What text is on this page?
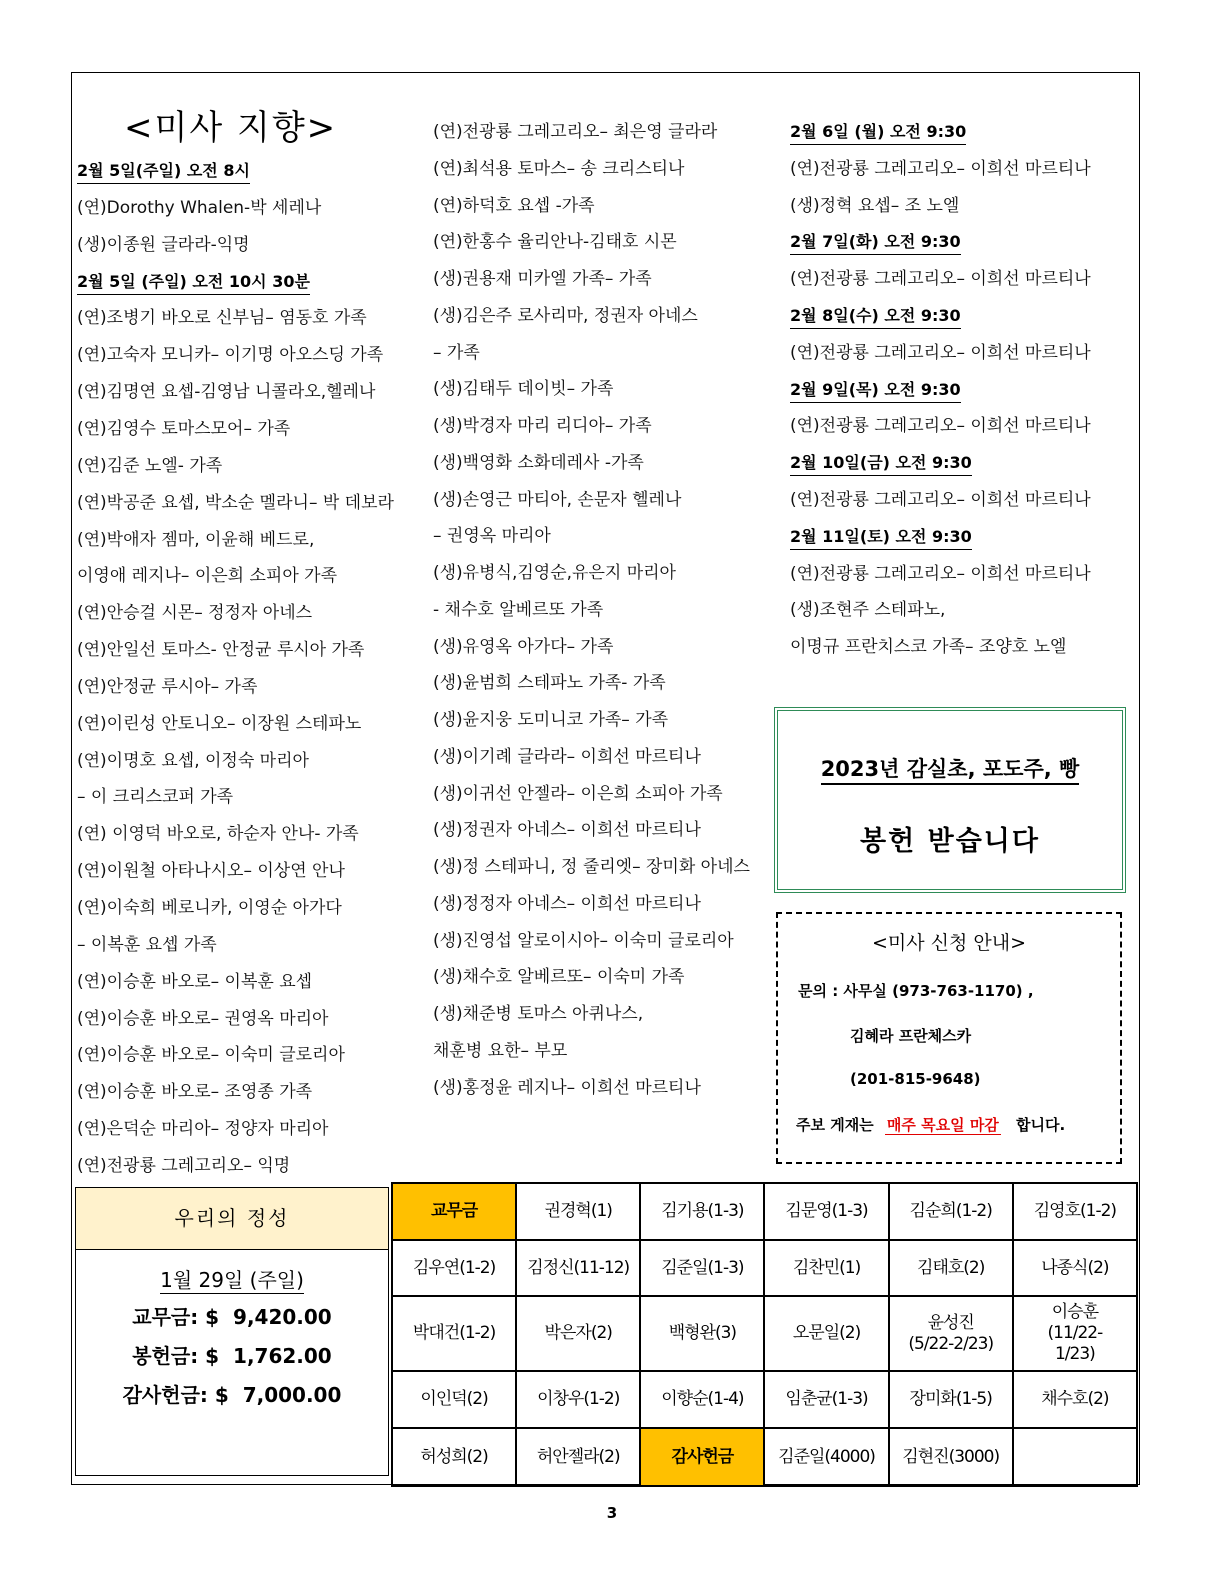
<미사 지향>
2월 5일(주일) 오전 8시
(연)Dorothy Whalen-박 세레나
(생)이종원 글라라-익명
2월 5일 (주일) 오전 10시 30분
(연)조병기 바오로 신부님– 염동호 가족
(연)고숙자 모니카– 이기명 아오스딩 가족
(연)김명연 요셉-김영남 니콜라오,헬레나
(연)김영수 토마스모어– 가족
(연)김준 노엘- 가족
(연)박공준 요셉, 박소순 멜라니– 박 데보라
(연)박애자 젬마, 이윤해 베드로,
이영애 레지나– 이은희 소피아 가족
(연)안승걸 시몬– 정정자 아네스
(연)안일선 토마스- 안정균 루시아 가족
(연)안정균 루시아– 가족
(연)이린성 안토니오– 이장원 스테파노
(연)이명호 요셉, 이정숙 마리아
– 이 크리스코퍼 가족
(연) 이영덕 바오로, 하순자 안나- 가족
(연)이원철 아타나시오– 이상연 안나
(연)이숙희 베로니카, 이영순 아가다
– 이복훈 요셉 가족
(연)이승훈 바오로– 이복훈 요셉
(연)이승훈 바오로– 권영옥 마리아
(연)이승훈 바오로– 이숙미 글로리아
(연)이승훈 바오로– 조영종 가족
(연)은덕순 마리아– 정양자 마리아
(연)전광룡 그레고리오– 익명
(연)전광룡 그레고리오– 최은영 글라라
(연)최석용 토마스– 송 크리스티나
(연)하덕호 요셉 -가족
(연)한홍수 율리안나-김태호 시몬
(생)권용재 미카엘 가족– 가족
(생)김은주 로사리마, 정권자 아네스
– 가족
(생)김태두 데이빗– 가족
(생)박경자 마리 리디아– 가족
(생)백영화 소화데레사 -가족
(생)손영근 마티아, 손문자 헬레나
– 권영옥 마리아
(생)유병식,김영순,유은지 마리아
- 채수호 알베르또 가족
(생)유영옥 아가다– 가족
(생)윤범희 스테파노 가족- 가족
(생)윤지웅 도미니코 가족– 가족
(생)이기례 글라라– 이희선 마르티나
(생)이귀선 안젤라– 이은희 소피아 가족
(생)정권자 아네스– 이희선 마르티나
(생)정 스테파니, 정 줄리엣– 장미화 아네스
(생)정정자 아네스– 이희선 마르티나
(생)진영섭 알로이시아– 이숙미 글로리아
(생)채수호 알베르또– 이숙미 가족
(생)채준병 토마스 아퀴나스,
채훈병 요한– 부모
(생)홍정윤 레지나– 이희선 마르티나
2월 6일 (월) 오전 9:30
(연)전광룡 그레고리오– 이희선 마르티나
(생)정혁 요셉– 조 노엘
2월 7일(화) 오전 9:30
(연)전광룡 그레고리오– 이희선 마르티나
2월 8일(수) 오전 9:30
(연)전광룡 그레고리오– 이희선 마르티나
2월 9일(목) 오전 9:30
(연)전광룡 그레고리오– 이희선 마르티나
2월 10일(금) 오전 9:30
(연)전광룡 그레고리오– 이희선 마르티나
2월 11일(토) 오전 9:30
(연)전광룡 그레고리오– 이희선 마르티나
(생)조현주 스테파노,
이명규 프란치스코 가족– 조양호 노엘
2023년 감실초, 포도주, 빵
봉헌 받습니다
<미사 신청 안내>
문의 : 사무실 (973-763-1170) ,
김혜라 프란체스카
(201-815-9648)
주보 게재는 매주 목요일 마감 합니다.
우리의 정성
1월 29일 (주일)
교무금: $  9,420.00
봉헌금: $  1,762.00
감사헌금: $  7,000.00
교무금	권경혁(1)	김기용(1-3)	김문영(1-3)	김순희(1-2)	김영호(1-2)
김우연(1-2)	김정신(11-12)	김준일(1-3)	김찬민(1)	김태호(2)	나종식(2)
박대건(1-2)	박은자(2)	백형완(3)	오문일(2)	윤성진
(5/22-2/23)	이승훈
(11/22-
1/23)
이인덕(2)	이창우(1-2)	이향순(1-4)	임춘균(1-3)	장미화(1-5)	채수호(2)
허성희(2)	허안젤라(2)	감사헌금	김준일(4000)	김현진(3000)	
3
